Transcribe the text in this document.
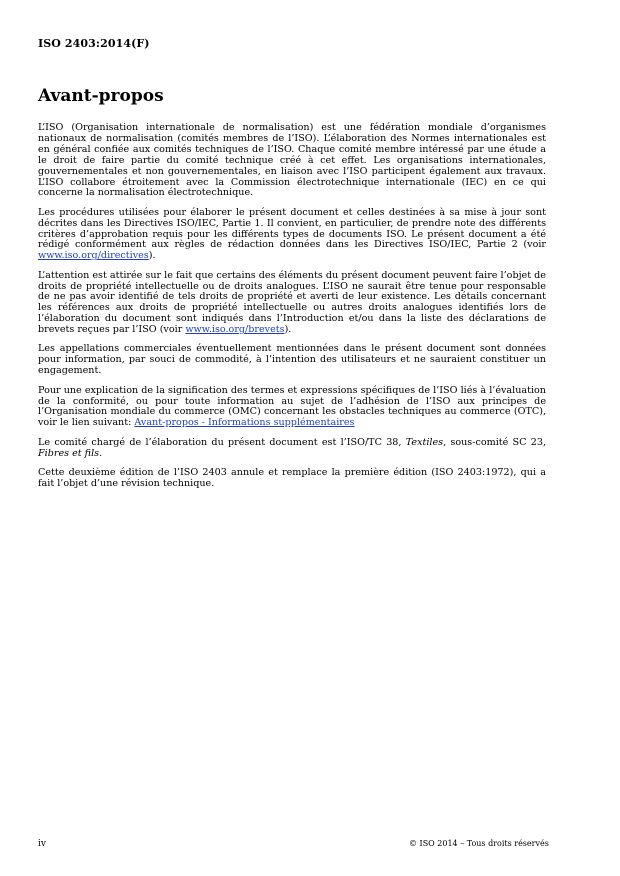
ISO 2403:2014(F)
Avant-propos

L’ISO (Organisation internationale de normalisation) est une fédération mondiale d’organismes nationaux de normalisation (comités membres de l’ISO). L’élaboration des Normes internationales est en général confiée aux comités techniques de l’ISO. Chaque comité membre intéressé par une étude a le droit de faire partie du comité technique créé à cet effet. Les organisations internationales, gouvernementales et non gouvernementales, en liaison avec l’ISO participent également aux travaux. L’ISO collabore étroitement avec la Commission électrotechnique internationale (IEC) en ce qui concerne la normalisation électrotechnique.

Les procédures utilisées pour élaborer le présent document et celles destinées à sa mise à jour sont décrites dans les Directives ISO/IEC, Partie 1. Il convient, en particulier, de prendre note des différents critères d’approbation requis pour les différents types de documents ISO. Le présent document a été rédigé conformément aux règles de rédaction données dans les Directives ISO/IEC, Partie 2 (voir www.iso.org/directives).

L’attention est attirée sur le fait que certains des éléments du présent document peuvent faire l’objet de droits de propriété intellectuelle ou de droits analogues. L’ISO ne saurait être tenue pour responsable de ne pas avoir identifié de tels droits de propriété et averti de leur existence. Les détails concernant les références aux droits de propriété intellectuelle ou autres droits analogues identifiés lors de l’élaboration du document sont indiqués dans l’Introduction et/ou dans la liste des déclarations de brevets reçues par l’ISO (voir www.iso.org/brevets).

Les appellations commerciales éventuellement mentionnées dans le présent document sont données pour information, par souci de commodité, à l’intention des utilisateurs et ne sauraient constituer un engagement.

Pour une explication de la signification des termes et expressions spécifiques de l’ISO liés à l’évaluation de la conformité, ou pour toute information au sujet de l’adhésion de l’ISO aux principes de l’Organisation mondiale du commerce (OMC) concernant les obstacles techniques au commerce (OTC), voir le lien suivant: Avant-propos - Informations supplémentaires

Le comité chargé de l’élaboration du présent document est l’ISO/TC 38, Textiles, sous-comité SC 23, Fibres et fils.

Cette deuxième édition de l’ISO 2403 annule et remplace la première édition (ISO 2403:1972), qui a fait l’objet d’une révision technique.

iv	© ISO 2014 – Tous droits réservés
